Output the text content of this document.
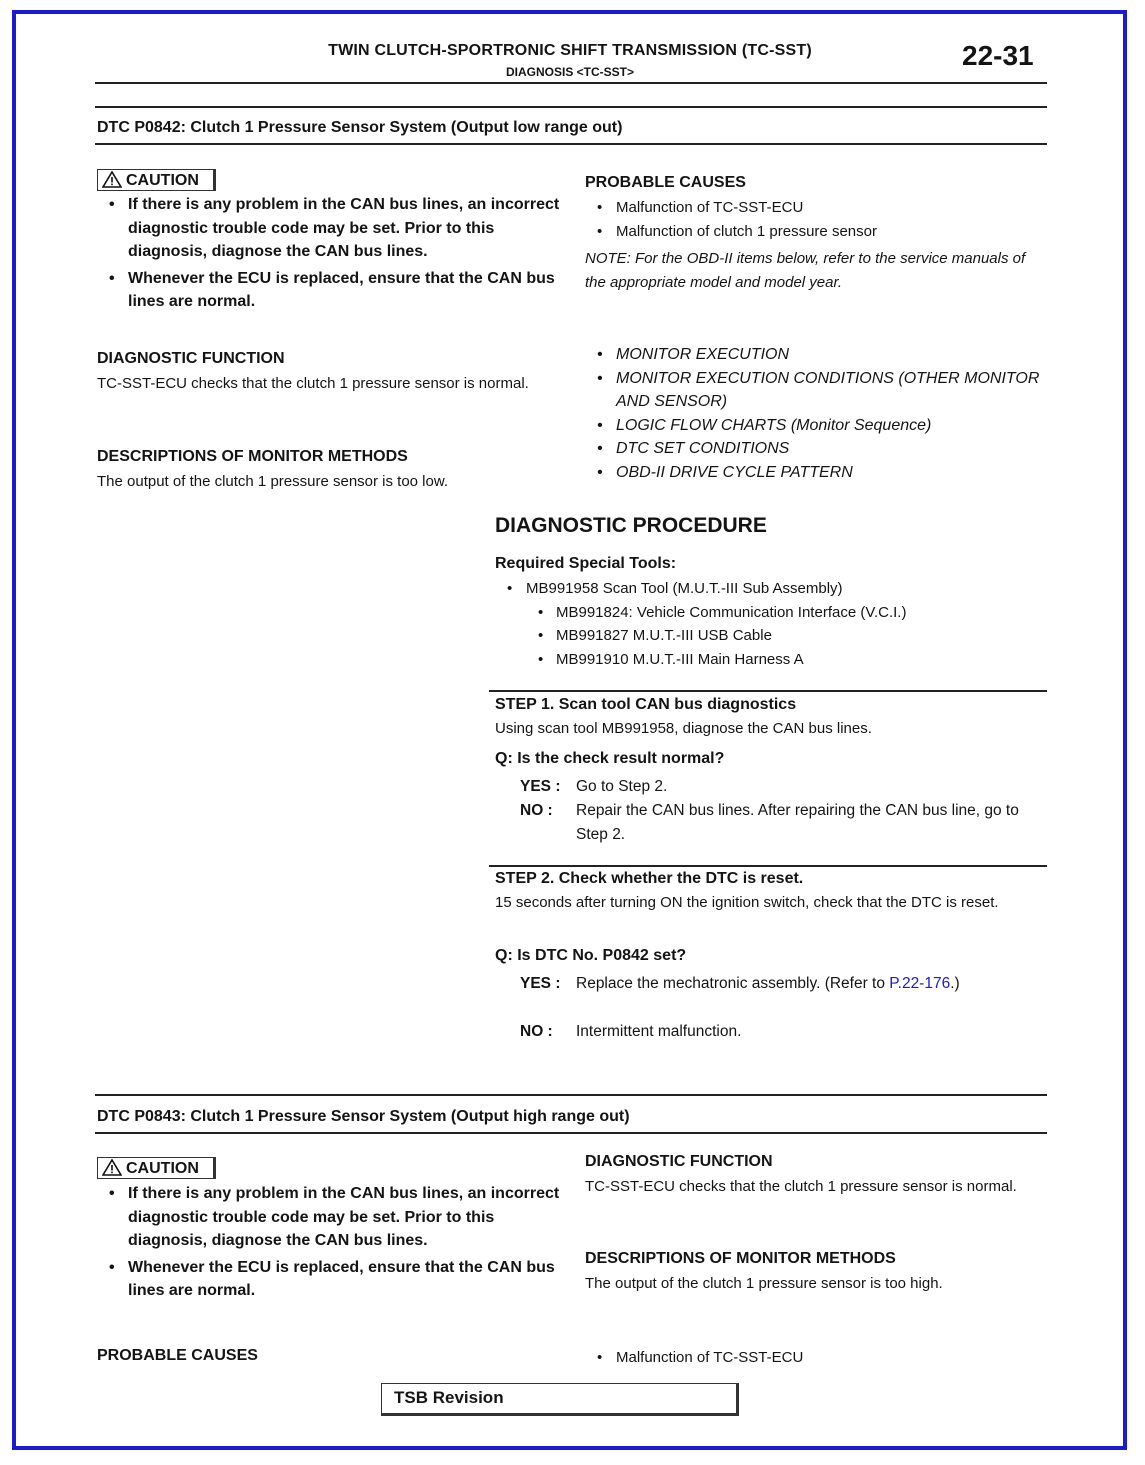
TWIN CLUTCH-SPORTRONIC SHIFT TRANSMISSION (TC-SST)
DIAGNOSIS <TC-SST>
22-31
DTC P0842: Clutch 1 Pressure Sensor System (Output low range out)
CAUTION
• If there is any problem in the CAN bus lines, an incorrect diagnostic trouble code may be set. Prior to this diagnosis, diagnose the CAN bus lines.
• Whenever the ECU is replaced, ensure that the CAN bus lines are normal.
DIAGNOSTIC FUNCTION
TC-SST-ECU checks that the clutch 1 pressure sensor is normal.
DESCRIPTIONS OF MONITOR METHODS
The output of the clutch 1 pressure sensor is too low.
PROBABLE CAUSES
• Malfunction of TC-SST-ECU
• Malfunction of clutch 1 pressure sensor
NOTE: For the OBD-II items below, refer to the service manuals of the appropriate model and model year.
• MONITOR EXECUTION
• MONITOR EXECUTION CONDITIONS (OTHER MONITOR AND SENSOR)
• LOGIC FLOW CHARTS (Monitor Sequence)
• DTC SET CONDITIONS
• OBD-II DRIVE CYCLE PATTERN
DIAGNOSTIC PROCEDURE
Required Special Tools:
• MB991958 Scan Tool (M.U.T.-III Sub Assembly)
• MB991824: Vehicle Communication Interface (V.C.I.)
• MB991827 M.U.T.-III USB Cable
• MB991910 M.U.T.-III Main Harness A
STEP 1. Scan tool CAN bus diagnostics
Using scan tool MB991958, diagnose the CAN bus lines.
Q: Is the check result normal?
YES : Go to Step 2.
NO : Repair the CAN bus lines. After repairing the CAN bus line, go to Step 2.
STEP 2. Check whether the DTC is reset.
15 seconds after turning ON the ignition switch, check that the DTC is reset.
Q: Is DTC No. P0842 set?
YES : Replace the mechatronic assembly. (Refer to P.22-176.)
NO : Intermittent malfunction.
DTC P0843: Clutch 1 Pressure Sensor System (Output high range out)
CAUTION
• If there is any problem in the CAN bus lines, an incorrect diagnostic trouble code may be set. Prior to this diagnosis, diagnose the CAN bus lines.
• Whenever the ECU is replaced, ensure that the CAN bus lines are normal.
PROBABLE CAUSES
DIAGNOSTIC FUNCTION
TC-SST-ECU checks that the clutch 1 pressure sensor is normal.
DESCRIPTIONS OF MONITOR METHODS
The output of the clutch 1 pressure sensor is too high.
• Malfunction of TC-SST-ECU
TSB Revision
